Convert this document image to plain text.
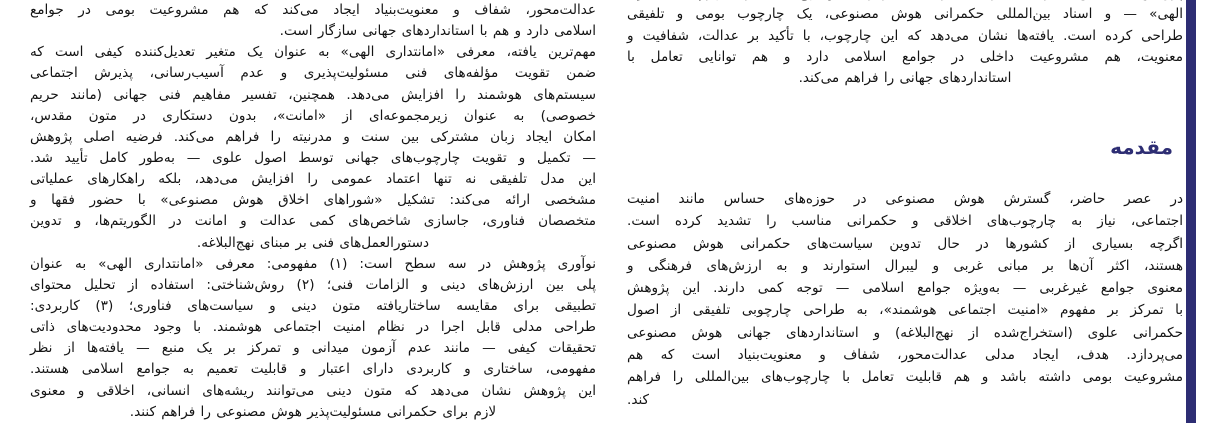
عدالت‌محور، شفاف و معنویت‌بنیاد ایجاد می‌کند که هم مشروعیت بومی در جوامع
اسلامی دارد و هم با استانداردهای جهانی سازگار است.
مهم‌ترین یافته، معرفی «امانتداری الهی» به عنوان یک متغیر تعدیل‌کننده کیفی است که
ضمن تقویت مؤلفه‌های فنی مسئولیت‌پذیری و عدم آسیب‌رسانی، پذیرش اجتماعی
سیستم‌های هوشمند را افزایش می‌دهد. همچنین، تفسیر مفاهیم فنی جهانی (مانند حریم
خصوصی) به عنوان زیرمجموعه‌ای از «امانت»، بدون دستکاری در متون مقدس،
امکان ایجاد زبان مشترکی بین سنت و مدرنیته را فراهم می‌کند. فرضیه اصلی پژوهش
— تکمیل و تقویت چارچوب‌های جهانی توسط اصول علوی — به‌طور کامل تأیید شد.
این مدل تلفیقی نه تنها اعتماد عمومی را افزایش می‌دهد، بلکه راهکارهای عملیاتی
مشخصی ارائه می‌کند: تشکیل «شوراهای اخلاق هوش مصنوعی» با حضور فقها و
متخصصان فناوری، جاسازی شاخص‌های کمی عدالت و امانت در الگوریتم‌ها، و تدوین
دستورالعمل‌های فنی بر مبنای نهج‌البلاغه.
نوآوری پژوهش در سه سطح است: (۱) مفهومی: معرفی «امانتداری الهی» به عنوان
پلی بین ارزش‌های دینی و الزامات فنی؛ (۲) روش‌شناختی: استفاده از تحلیل محتوای
تطبیقی برای مقایسه ساختاریافته متون دینی و سیاست‌های فناوری؛ (۳) کاربردی:
طراحی مدلی قابل اجرا در نظام امنیت اجتماعی هوشمند. با وجود محدودیت‌های ذاتی
تحقیقات کیفی — مانند عدم آزمون میدانی و تمرکز بر یک منبع — یافته‌ها از نظر
مفهومی، ساختاری و کاربردی دارای اعتبار و قابلیت تعمیم به جوامع اسلامی هستند.
این پژوهش نشان می‌دهد که متون دینی می‌توانند ریشه‌های انسانی، اخلاقی و معنوی
لازم برای حکمرانی مسئولیت‌پذیر هوش مصنوعی را فراهم کنند.
الهی» — و اسناد بین‌المللی حکمرانی هوش مصنوعی، یک چارچوب بومی و تلفیقی
طراحی کرده است. یافته‌ها نشان می‌دهد که این چارچوب، با تأکید بر عدالت، شفافیت و
معنویت، هم مشروعیت داخلی در جوامع اسلامی دارد و هم توانایی تعامل با
استانداردهای جهانی را فراهم می‌کند.
مقدمه
در عصر حاضر، گسترش هوش مصنوعی در حوزه‌های حساس مانند امنیت
اجتماعی، نیاز به چارچوب‌های اخلاقی و حکمرانی مناسب را تشدید کرده است.
اگرچه بسیاری از کشورها در حال تدوین سیاست‌های حکمرانی هوش مصنوعی
هستند، اکثر آن‌ها بر مبانی غربی و لیبرال استوارند و به ارزش‌های فرهنگی و
معنوی جوامع غیرغربی — به‌ویژه جوامع اسلامی — توجه کمی دارند. این پژوهش
با تمرکز بر مفهوم «امنیت اجتماعی هوشمند»، به طراحی چارچوبی تلفیقی از اصول
حکمرانی علوی (استخراج‌شده از نهج‌البلاغه) و استانداردهای جهانی هوش مصنوعی
می‌پردازد. هدف، ایجاد مدلی عدالت‌محور، شفاف و معنویت‌بنیاد است که هم
مشروعیت بومی داشته باشد و هم قابلیت تعامل با چارچوب‌های بین‌المللی را فراهم
کند.
